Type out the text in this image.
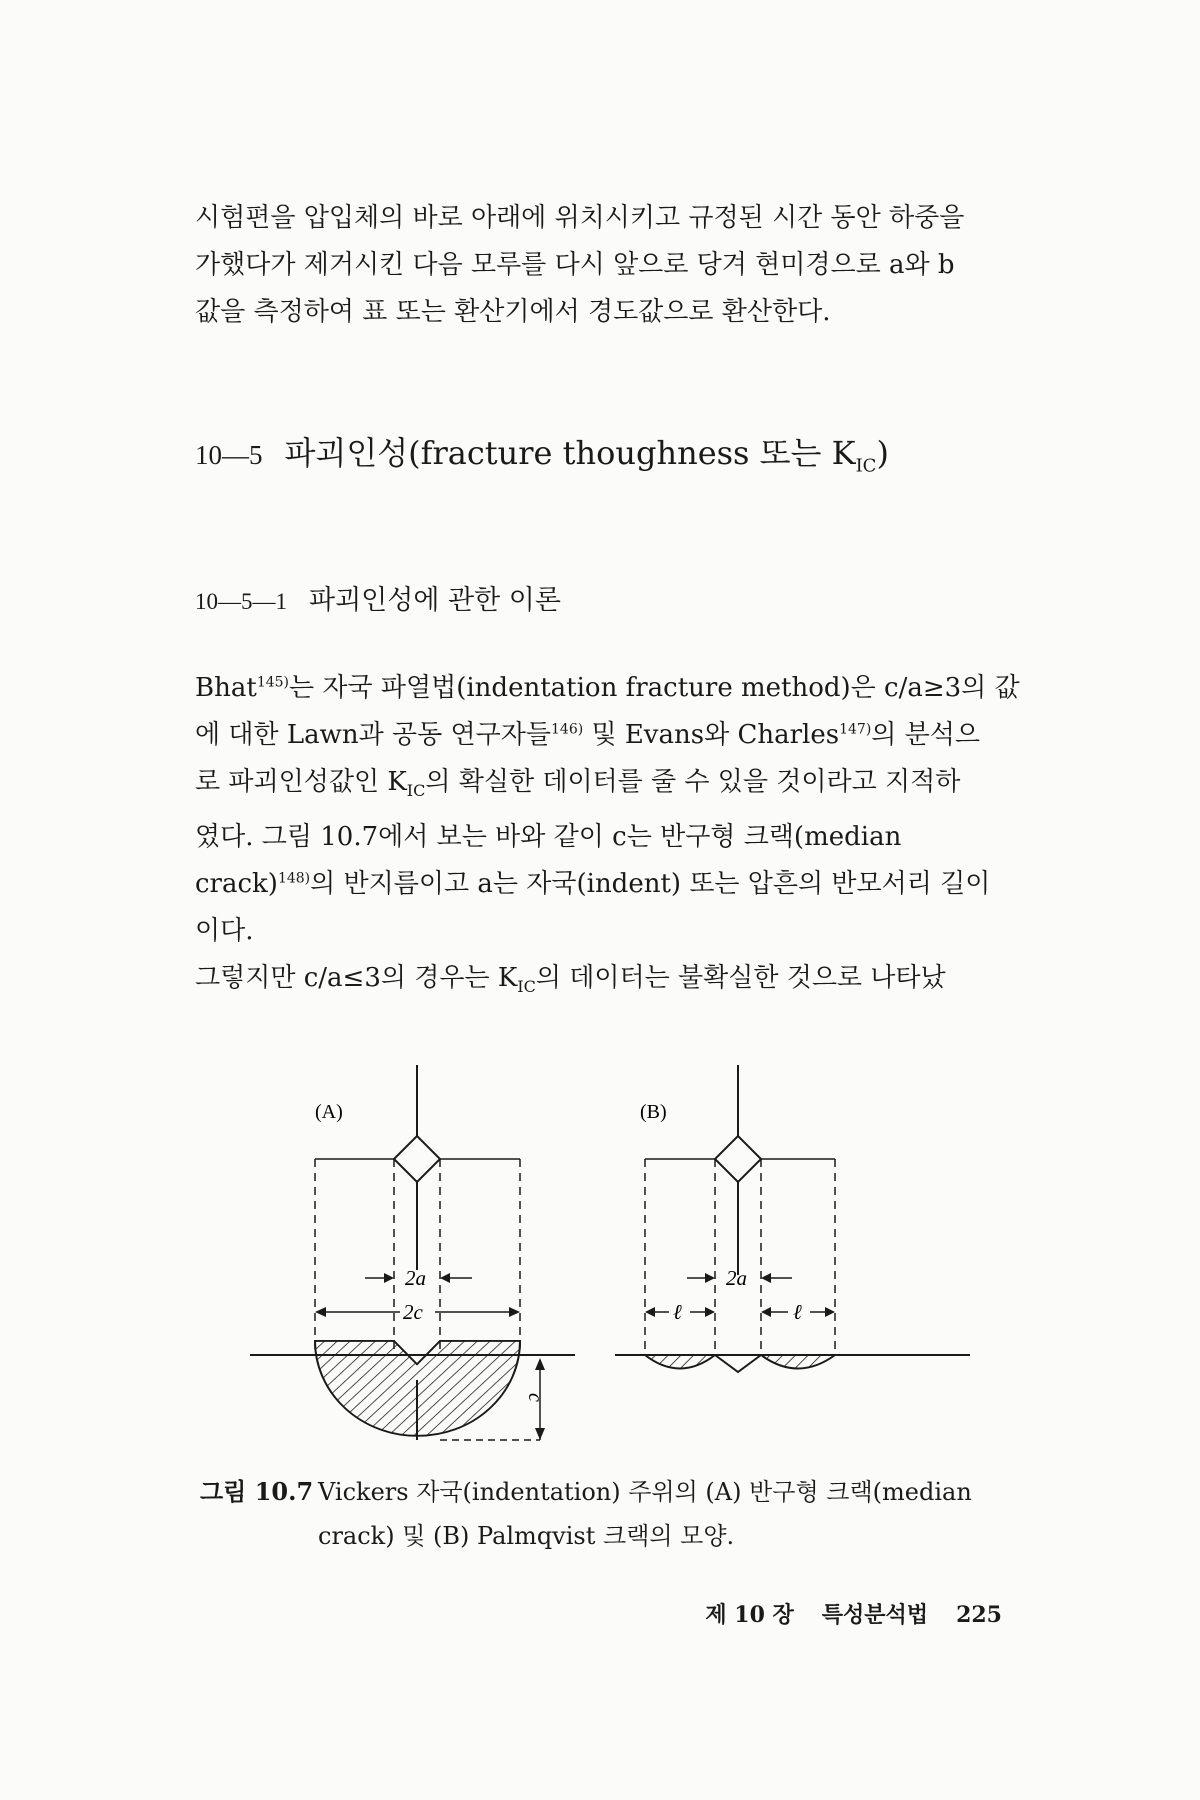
시험편을 압입체의 바로 아래에 위치시키고 규정된 시간 동안 하중을
가했다가 제거시킨 다음 모루를 다시 앞으로 당겨 현미경으로 a와 b
값을 측정하여 표 또는 환산기에서 경도값으로 환산한다.
10—5 파괴인성(fracture thoughness 또는 $K_{IC}$)
10—5—1 파괴인성에 관한 이론
Bhat$^{145)}$는 자국 파열법(indentation fracture method)은 c/a≥3의 값
에 대한 Lawn과 공동 연구자들$^{146)}$ 및 Evans와 Charles$^{147)}$의 분석으
로 파괴인성값인 $K_{IC}$의 확실한 데이터를 줄 수 있을 것이라고 지적하
였다. 그림 10.7에서 보는 바와 같이 c는 반구형 크랙(median
crack)$^{148)}$의 반지름이고 a는 자국(indent) 또는 압흔의 반모서리 길이
이다.
그렇지만 c/a≤3의 경우는 $K_{IC}$의 데이터는 불확실한 것으로 나타났
(A)
2a
2c
c
(B)
2a
ℓ	ℓ
그림 10.7 Vickers 자국(indentation) 주위의 (A) 반구형 크랙(median
crack) 및 (B) Palmqvist 크랙의 모양.
제 10 장 특성분석법 225
